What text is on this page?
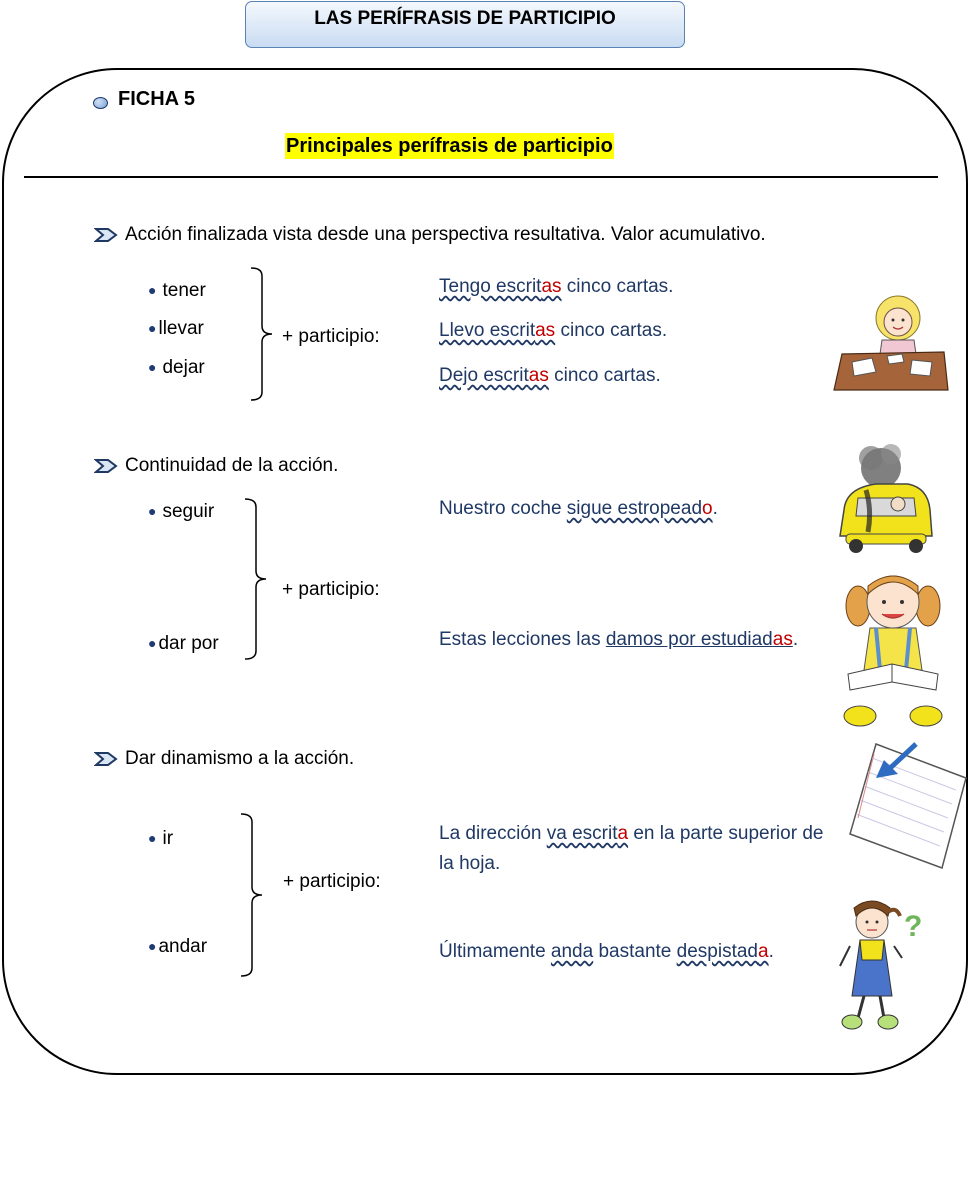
LAS PERÍFRASIS DE PARTICIPIO
FICHA 5
Principales perífrasis de participio
Acción finalizada vista desde una perspectiva resultativa. Valor acumulativo.
● tener
● llevar
● dejar
+ participio:
Tengo escritas cinco cartas.
Llevo escritas cinco cartas.
Dejo escritas cinco cartas.
Continuidad de la acción.
● seguir
● dar por
+ participio:
Nuestro coche sigue estropeado.
Estas lecciones las damos por estudiadas.
Dar dinamismo a la acción.
● ir
● andar
+ participio:
La dirección va escrita en la parte superior de
la hoja.
Últimamente anda bastante despistada.
?
